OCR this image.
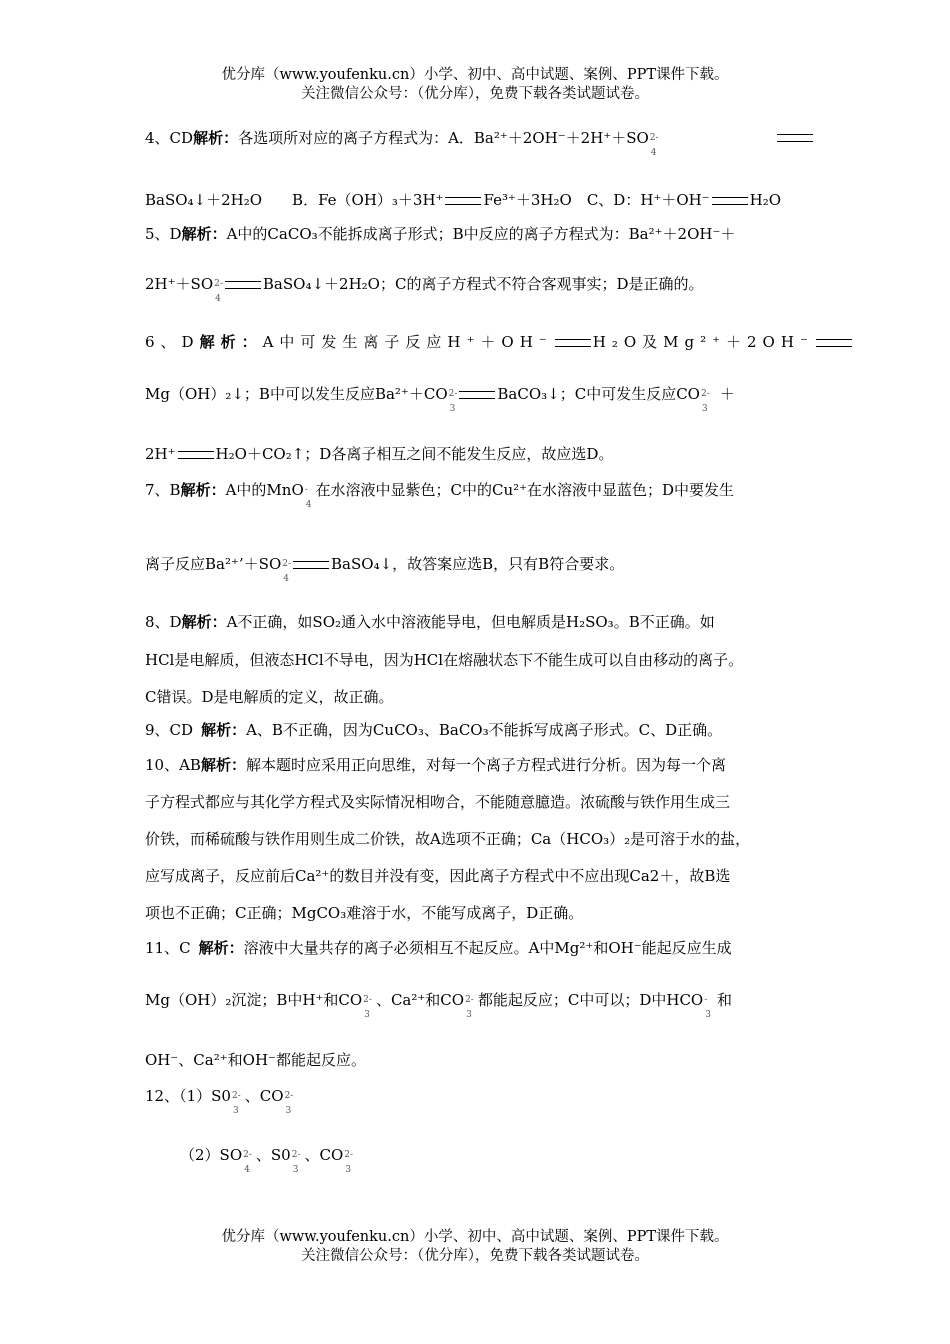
优分库（www.youfenku.cn）小学、初中、高中试题、案例、PPT课件下载。
关注微信公众号：（优分库），免费下载各类试题试卷。
4、CD解析：各选项所对应的离子方程式为：A．Ba²⁺＋2OH⁻＋2H⁺＋SO 2-
4
BaSO₄↓＋2H₂O　　B．Fe（OH）₃＋3H⁺	Fe³⁺＋3H₂O　C、D：H⁺＋OH⁻	H₂O
5、D解析：A中的CaCO₃不能拆成离子形式；B中反应的离子方程式为：Ba²⁺＋2OH⁻＋
2H⁺＋SO 2-
4
BaSO₄↓＋2H₂O；C的离子方程式不符合客观事实；D是正确的。
6、D解析：A中可发生离子反应H⁺＋OH⁻	H₂O及Mg²⁺＋2OH⁻
Mg（OH）₂↓；B中可以发生反应Ba²⁺＋CO 2-
3
BaCO₃↓；C中可发生反应CO 2-
3
＋
2H⁺	H₂O＋CO₂↑；D各离子相互之间不能发生反应，故应选D。
7、B解析：A中的MnO -
4
在水溶液中显紫色；C中的Cu²⁺在水溶液中显蓝色；D中要发生
离子反应Ba²⁺’＋SO 2-
4
BaSO₄↓，故答案应选B，只有B符合要求。
8、D解析：A不正确，如SO₂通入水中溶液能导电，但电解质是H₂SO₃。B不正确。如
HCl是电解质，但液态HCl不导电，因为HCl在熔融状态下不能生成可以自由移动的离子。
C错误。D是电解质的定义，故正确。
9、CD 解析：A、B不正确，因为CuCO₃、BaCO₃不能拆写成离子形式。C、D正确。
10、AB解析：解本题时应采用正向思维，对每一个离子方程式进行分析。因为每一个离
子方程式都应与其化学方程式及实际情况相吻合，不能随意臆造。浓硫酸与铁作用生成三
价铁，而稀硫酸与铁作用则生成二价铁，故A选项不正确；Ca（HCO₃）₂是可溶于水的盐，
应写成离子，反应前后Ca²⁺的数目并没有变，因此离子方程式中不应出现Ca2＋，故B选
项也不正确；C正确；MgCO₃难溶于水，不能写成离子，D正确。
11、C 解析：溶液中大量共存的离子必须相互不起反应。A中Mg²⁺和OH⁻能起反应生成
Mg（OH）₂沉淀；B中H⁺和CO 2-
3
、Ca²⁺和CO 2-
3
都能起反应；C中可以；D中HCO -
3
和
OH⁻、Ca²⁺和OH⁻都能起反应。
12、（1）S0 2-
3
、CO 2-
3
（2）SO 2-
4
、S0 2-
3
、CO 2-
3
优分库（www.youfenku.cn）小学、初中、高中试题、案例、PPT课件下载。
关注微信公众号：（优分库），免费下载各类试题试卷。
